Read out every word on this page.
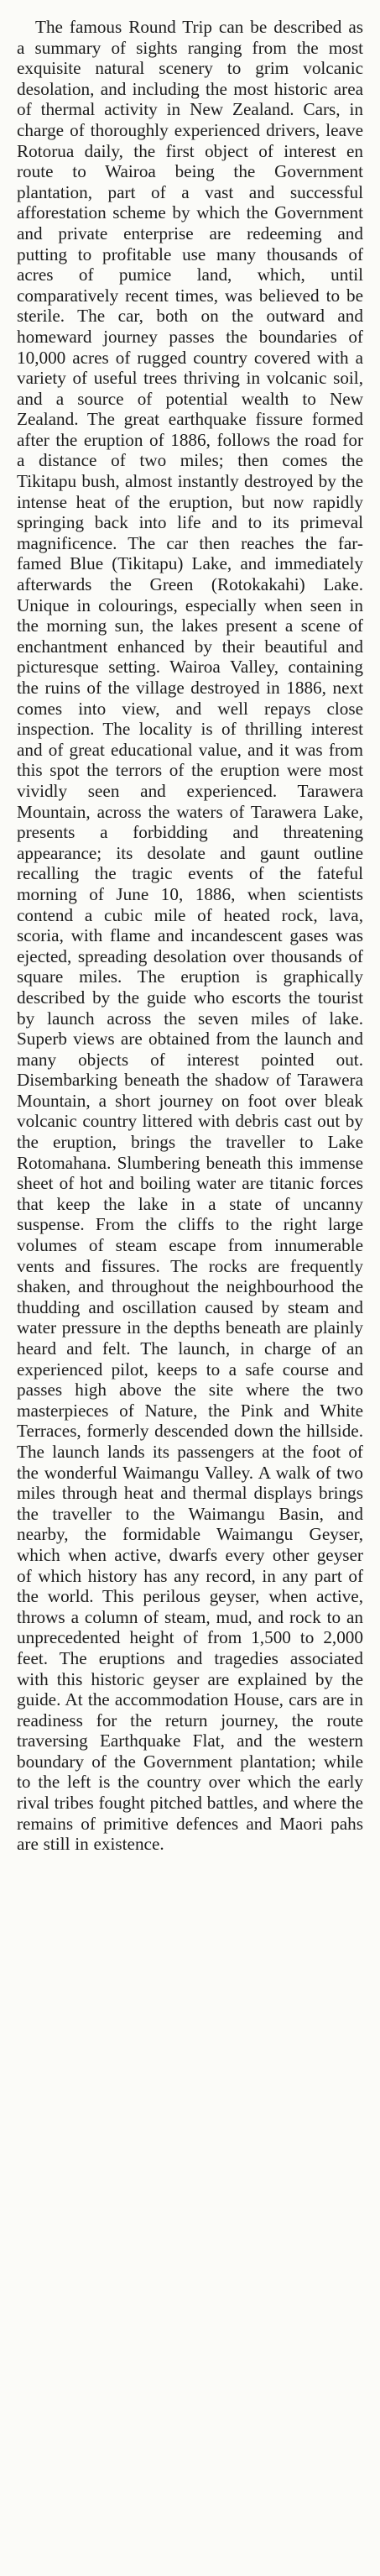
The famous Round Trip can be described as a summary of sights ranging from the most exquisite natural scenery to grim volcanic desolation, and including the most historic area of thermal activity in New Zealand. Cars, in charge of thoroughly experienced drivers, leave Rotorua daily, the first object of interest en route to Wairoa being the Government plantation, part of a vast and successful afforestation scheme by which the Government and private enterprise are redeeming and putting to profitable use many thousands of acres of pumice land, which, until comparatively recent times, was believed to be sterile. The car, both on the outward and homeward journey passes the boundaries of 10,000 acres of rugged country covered with a variety of useful trees thriving in volcanic soil, and a source of potential wealth to New Zealand. The great earthquake fissure formed after the eruption of 1886, follows the road for a distance of two miles; then comes the Tikitapu bush, almost instantly destroyed by the intense heat of the eruption, but now rapidly springing back into life and to its primeval magnificence. The car then reaches the far-famed Blue (Tikitapu) Lake, and immediately afterwards the Green (Rotokakahi) Lake. Unique in colourings, especially when seen in the morning sun, the lakes present a scene of enchantment enhanced by their beautiful and picturesque setting. Wairoa Valley, containing the ruins of the village destroyed in 1886, next comes into view, and well repays close inspection. The locality is of thrilling interest and of great educational value, and it was from this spot the terrors of the eruption were most vividly seen and experienced. Tarawera Mountain, across the waters of Tarawera Lake, presents a forbidding and threatening appearance; its desolate and gaunt outline recalling the tragic events of the fateful morning of June 10, 1886, when scientists contend a cubic mile of heated rock, lava, scoria, with flame and incandescent gases was ejected, spreading desolation over thousands of square miles. The eruption is graphically described by the guide who escorts the tourist by launch across the seven miles of lake. Superb views are obtained from the launch and many objects of interest pointed out. Disembarking beneath the shadow of Tarawera Mountain, a short journey on foot over bleak volcanic country littered with debris cast out by the eruption, brings the traveller to Lake Rotomahana. Slumbering beneath this immense sheet of hot and boiling water are titanic forces that keep the lake in a state of uncanny suspense. From the cliffs to the right large volumes of steam escape from innumerable vents and fissures. The rocks are frequently shaken, and throughout the neighbourhood the thudding and oscillation caused by steam and water pressure in the depths beneath are plainly heard and felt. The launch, in charge of an experienced pilot, keeps to a safe course and passes high above the site where the two masterpieces of Nature, the Pink and White Terraces, formerly descended down the hillside. The launch lands its passengers at the foot of the wonderful Waimangu Valley. A walk of two miles through heat and thermal displays brings the traveller to the Waimangu Basin, and nearby, the formidable Waimangu Geyser, which when active, dwarfs every other geyser of which history has any record, in any part of the world. This perilous geyser, when active, throws a column of steam, mud, and rock to an unprecedented height of from 1,500 to 2,000 feet. The eruptions and tragedies associated with this historic geyser are explained by the guide. At the accommodation House, cars are in readiness for the return journey, the route traversing Earthquake Flat, and the western boundary of the Government plantation; while to the left is the country over which the early rival tribes fought pitched battles, and where the remains of primitive defences and Maori pahs are still in existence.
